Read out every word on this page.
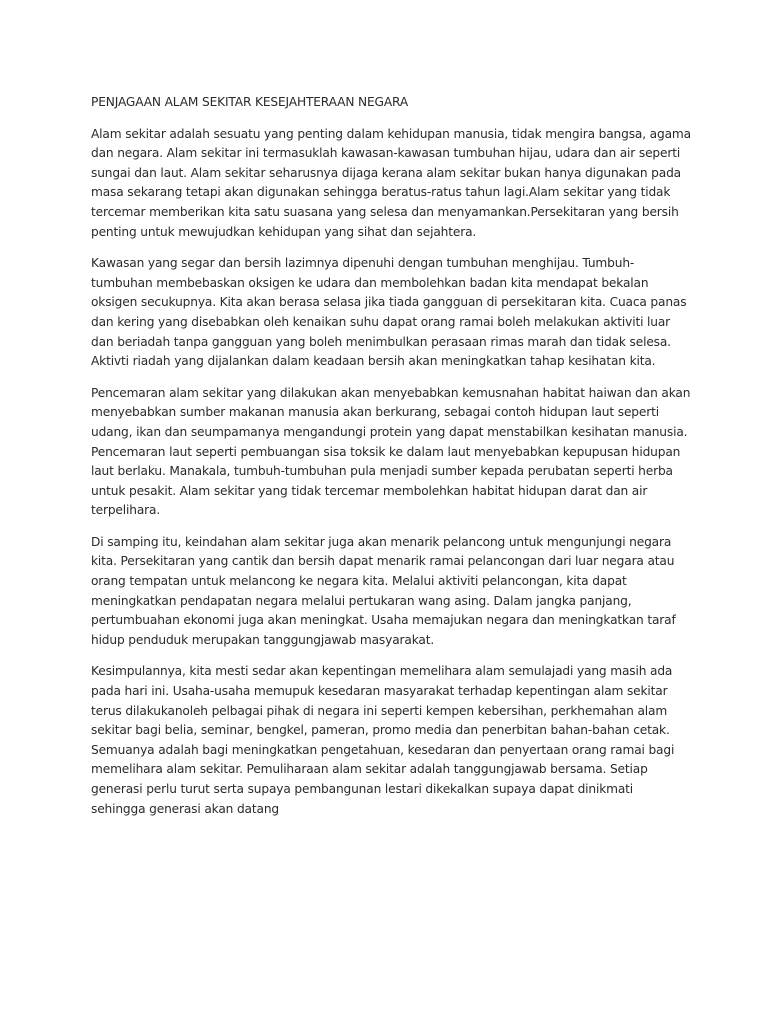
PENJAGAAN ALAM SEKITAR KESEJAHTERAAN NEGARA

Alam sekitar adalah sesuatu yang penting dalam kehidupan manusia, tidak mengira bangsa, agama dan negara. Alam sekitar ini termasuklah kawasan-kawasan tumbuhan hijau, udara dan air seperti sungai dan laut. Alam sekitar seharusnya dijaga kerana alam sekitar bukan hanya digunakan pada masa sekarang tetapi akan digunakan sehingga beratus-ratus tahun lagi.Alam sekitar yang tidak tercemar memberikan kita satu suasana yang selesa dan menyamankan.Persekitaran yang bersih penting untuk mewujudkan kehidupan yang sihat dan sejahtera.

Kawasan yang segar dan bersih lazimnya dipenuhi dengan tumbuhan menghijau. Tumbuh-tumbuhan membebaskan oksigen ke udara dan membolehkan badan kita mendapat bekalan oksigen secukupnya. Kita akan berasa selasa jika tiada gangguan di persekitaran kita. Cuaca panas dan kering yang disebabkan oleh kenaikan suhu dapat orang ramai boleh melakukan aktiviti luar dan beriadah tanpa gangguan yang boleh menimbulkan perasaan rimas marah dan tidak selesa. Aktivti riadah yang dijalankan dalam keadaan bersih akan meningkatkan tahap kesihatan kita.

Pencemaran alam sekitar yang dilakukan akan menyebabkan kemusnahan habitat haiwan dan akan menyebabkan sumber makanan manusia akan berkurang, sebagai contoh hidupan laut seperti udang, ikan dan seumpamanya mengandungi protein yang dapat menstabilkan kesihatan manusia. Pencemaran laut seperti pembuangan sisa toksik ke dalam laut menyebabkan kepupusan hidupan laut berlaku. Manakala, tumbuh-tumbuhan pula menjadi sumber kepada perubatan seperti herba untuk pesakit. Alam sekitar yang tidak tercemar membolehkan habitat hidupan darat dan air terpelihara.

Di samping itu, keindahan alam sekitar juga akan menarik pelancong untuk mengunjungi negara kita. Persekitaran yang cantik dan bersih dapat menarik ramai pelancongan dari luar negara atau orang tempatan untuk melancong ke negara kita. Melalui aktiviti pelancongan, kita dapat meningkatkan pendapatan negara melalui pertukaran wang asing. Dalam jangka panjang, pertumbuahan ekonomi juga akan meningkat. Usaha memajukan negara dan meningkatkan taraf hidup penduduk merupakan tanggungjawab masyarakat.

Kesimpulannya, kita mesti sedar akan kepentingan memelihara alam semulajadi yang masih ada pada hari ini. Usaha-usaha memupuk kesedaran masyarakat terhadap kepentingan alam sekitar terus dilakukanoleh pelbagai pihak di negara ini seperti kempen kebersihan, perkhemahan alam sekitar bagi belia, seminar, bengkel, pameran, promo media dan penerbitan bahan-bahan cetak. Semuanya adalah bagi meningkatkan pengetahuan, kesedaran dan penyertaan orang ramai bagi memelihara alam sekitar. Pemuliharaan alam sekitar adalah tanggungjawab bersama. Setiap generasi perlu turut serta supaya pembangunan lestari dikekalkan supaya dapat dinikmati sehingga generasi akan datang
